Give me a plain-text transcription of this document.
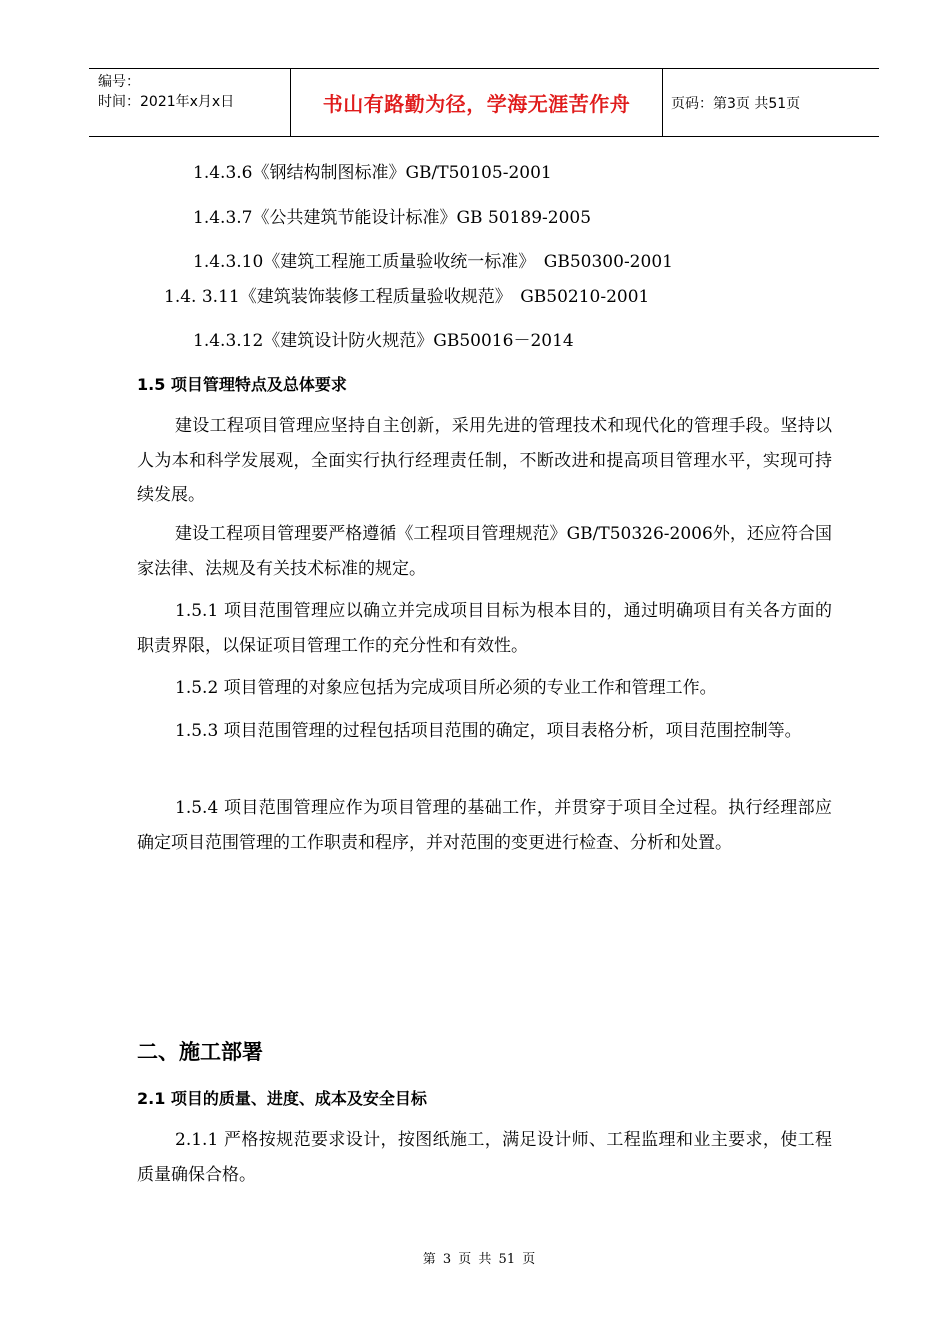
编号：
时间：2021年x月x日	书山有路勤为径，学海无涯苦作舟	页码：第3页 共51页
1.4.3.6《钢结构制图标准》GB/T50105-2001
1.4.3.7《公共建筑节能设计标准》GB 50189-2005
1.4.3.10《建筑工程施工质量验收统一标准》　GB50300-2001
1.4. 3.11《建筑装饰装修工程质量验收规范》　GB50210-2001
1.4.3.12《建筑设计防火规范》GB50016－2014
1.5 项目管理特点及总体要求
建设工程项目管理应坚持自主创新，采用先进的管理技术和现代化的管理手段。坚持以人为本和科学发展观，全面实行执行经理责任制，不断改进和提高项目管理水平，实现可持续发展。
建设工程项目管理要严格遵循《工程项目管理规范》GB/T50326-2006外，还应符合国家法律、法规及有关技术标准的规定。
1.5.1 项目范围管理应以确立并完成项目目标为根本目的，通过明确项目有关各方面的职责界限，以保证项目管理工作的充分性和有效性。
1.5.2 项目管理的对象应包括为完成项目所必须的专业工作和管理工作。
1.5.3 项目范围管理的过程包括项目范围的确定，项目表格分析，项目范围控制等。
1.5.4 项目范围管理应作为项目管理的基础工作，并贯穿于项目全过程。执行经理部应确定项目范围管理的工作职责和程序，并对范围的变更进行检查、分析和处置。
二、施工部署
2.1 项目的质量、进度、成本及安全目标
2.1.1 严格按规范要求设计，按图纸施工，满足设计师、工程监理和业主要求，使工程质量确保合格。
第 3 页 共 51 页
